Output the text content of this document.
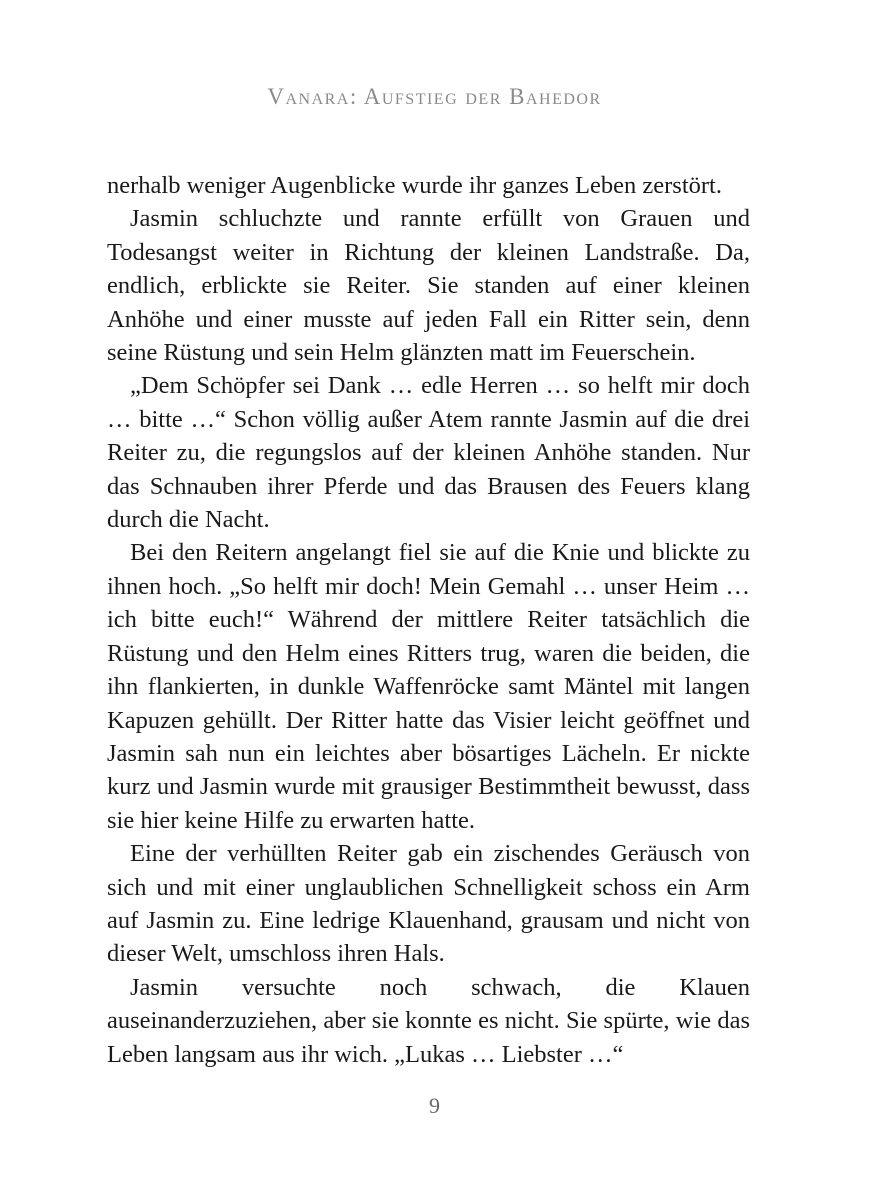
Vanara: Aufstieg der Bahedor

nerhalb weniger Augenblicke wurde ihr ganzes Leben zerstört.

Jasmin schluchzte und rannte erfüllt von Grauen und Todesangst weiter in Richtung der kleinen Landstraße. Da, endlich, erblickte sie Reiter. Sie standen auf einer kleinen Anhöhe und einer musste auf jeden Fall ein Ritter sein, denn seine Rüstung und sein Helm glänzten matt im Feuerschein.

„Dem Schöpfer sei Dank … edle Herren … so helft mir doch … bitte …“ Schon völlig außer Atem rannte Jasmin auf die drei Reiter zu, die regungslos auf der kleinen Anhöhe standen. Nur das Schnauben ihrer Pferde und das Brausen des Feuers klang durch die Nacht.

Bei den Reitern angelangt fiel sie auf die Knie und blickte zu ihnen hoch. „So helft mir doch! Mein Gemahl … unser Heim … ich bitte euch!“ Während der mittlere Reiter tatsächlich die Rüstung und den Helm eines Ritters trug, waren die beiden, die ihn flankierten, in dunkle Waffenröcke samt Mäntel mit langen Kapuzen gehüllt. Der Ritter hatte das Visier leicht geöffnet und Jasmin sah nun ein leichtes aber bösartiges Lächeln. Er nickte kurz und Jasmin wurde mit grausiger Bestimmtheit bewusst, dass sie hier keine Hilfe zu erwarten hatte.

Eine der verhüllten Reiter gab ein zischendes Geräusch von sich und mit einer unglaublichen Schnelligkeit schoss ein Arm auf Jasmin zu. Eine ledrige Klauenhand, grausam und nicht von dieser Welt, umschloss ihren Hals.

Jasmin versuchte noch schwach, die Klauen auseinanderzuziehen, aber sie konnte es nicht. Sie spürte, wie das Leben langsam aus ihr wich. „Lukas … Liebster …“

9
